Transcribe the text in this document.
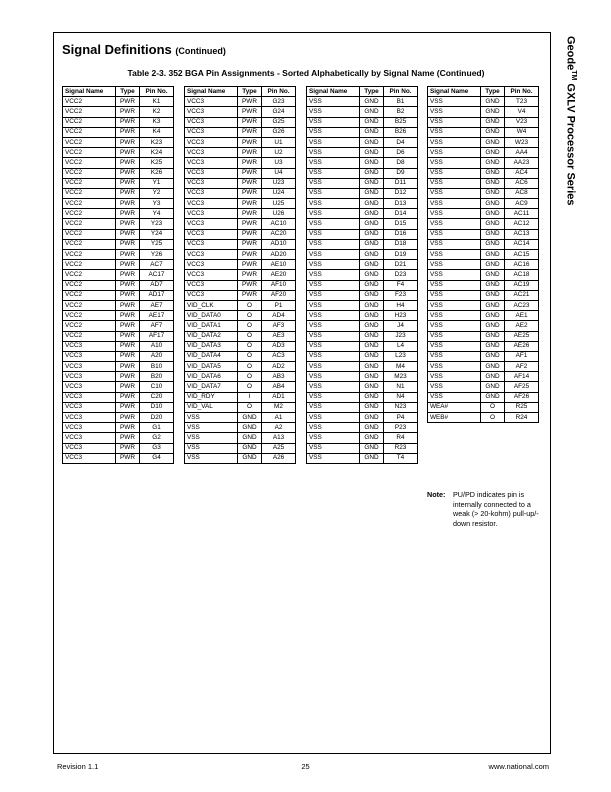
Geode™ GXLV Processor Series
Signal Definitions (Continued)
Table 2-3. 352 BGA Pin Assignments - Sorted Alphabetically by Signal Name (Continued)
Signal Name	Type	Pin No.
VCC2	PWR	K1
VCC2	PWR	K2
VCC2	PWR	K3
VCC2	PWR	K4
VCC2	PWR	K23
VCC2	PWR	K24
VCC2	PWR	K25
VCC2	PWR	K26
VCC2	PWR	Y1
VCC2	PWR	Y2
VCC2	PWR	Y3
VCC2	PWR	Y4
VCC2	PWR	Y23
VCC2	PWR	Y24
VCC2	PWR	Y25
VCC2	PWR	Y26
VCC2	PWR	AC7
VCC2	PWR	AC17
VCC2	PWR	AD7
VCC2	PWR	AD17
VCC2	PWR	AE7
VCC2	PWR	AE17
VCC2	PWR	AF7
VCC2	PWR	AF17
VCC3	PWR	A10
VCC3	PWR	A20
VCC3	PWR	B10
VCC3	PWR	B20
VCC3	PWR	C10
VCC3	PWR	C20
VCC3	PWR	D10
VCC3	PWR	D20
VCC3	PWR	G1
VCC3	PWR	G2
VCC3	PWR	G3
VCC3	PWR	G4
Signal Name	Type	Pin No.
VCC3	PWR	G23
VCC3	PWR	G24
VCC3	PWR	G25
VCC3	PWR	G26
VCC3	PWR	U1
VCC3	PWR	U2
VCC3	PWR	U3
VCC3	PWR	U4
VCC3	PWR	U23
VCC3	PWR	U24
VCC3	PWR	U25
VCC3	PWR	U26
VCC3	PWR	AC10
VCC3	PWR	AC20
VCC3	PWR	AD10
VCC3	PWR	AD20
VCC3	PWR	AE10
VCC3	PWR	AE20
VCC3	PWR	AF10
VCC3	PWR	AF20
VID_CLK	O	P1
VID_DATA0	O	AD4
VID_DATA1	O	AF3
VID_DATA2	O	AE3
VID_DATA3	O	AD3
VID_DATA4	O	AC3
VID_DATA5	O	AD2
VID_DATA6	O	AB3
VID_DATA7	O	AB4
VID_RDY	I	AD1
VID_VAL	O	M2
VSS	GND	A1
VSS	GND	A2
VSS	GND	A13
VSS	GND	A25
VSS	GND	A26
Signal Name	Type	Pin No.
VSS	GND	B1
VSS	GND	B2
VSS	GND	B25
VSS	GND	B26
VSS	GND	D4
VSS	GND	D6
VSS	GND	D8
VSS	GND	D9
VSS	GND	D11
VSS	GND	D12
VSS	GND	D13
VSS	GND	D14
VSS	GND	D15
VSS	GND	D16
VSS	GND	D18
VSS	GND	D19
VSS	GND	D21
VSS	GND	D23
VSS	GND	F4
VSS	GND	F23
VSS	GND	H4
VSS	GND	H23
VSS	GND	J4
VSS	GND	J23
VSS	GND	L4
VSS	GND	L23
VSS	GND	M4
VSS	GND	M23
VSS	GND	N1
VSS	GND	N4
VSS	GND	N23
VSS	GND	P4
VSS	GND	P23
VSS	GND	R4
VSS	GND	R23
VSS	GND	T4
Signal Name	Type	Pin No.
VSS	GND	T23
VSS	GND	V4
VSS	GND	V23
VSS	GND	W4
VSS	GND	W23
VSS	GND	AA4
VSS	GND	AA23
VSS	GND	AC4
VSS	GND	AC6
VSS	GND	AC8
VSS	GND	AC9
VSS	GND	AC11
VSS	GND	AC12
VSS	GND	AC13
VSS	GND	AC14
VSS	GND	AC15
VSS	GND	AC16
VSS	GND	AC18
VSS	GND	AC19
VSS	GND	AC21
VSS	GND	AC23
VSS	GND	AE1
VSS	GND	AE2
VSS	GND	AE25
VSS	GND	AE26
VSS	GND	AF1
VSS	GND	AF2
VSS	GND	AF14
VSS	GND	AF25
VSS	GND	AF26
WEA#	O	R25
WEB#	O	R24
Note: PU/PD indicates pin is internally connected to a weak (> 20-kohm) pull-up/-down resistor.
Revision 1.1	25	www.national.com
